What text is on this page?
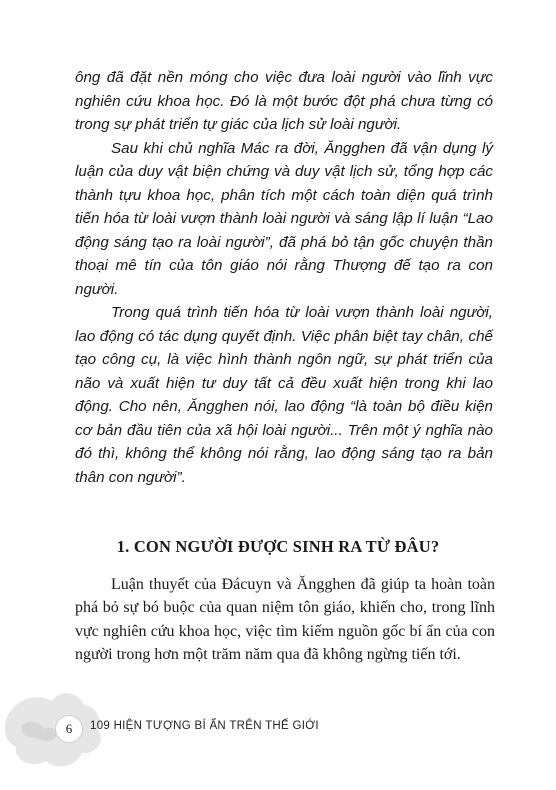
ông đã đặt nền móng cho việc đưa loài người vào lĩnh vực nghiên cứu khoa học. Đó là một bước đột phá chưa từng có trong sự phát triển tự giác của lịch sử loài người.

Sau khi chủ nghĩa Mác ra đời, Ăngghen đã vận dụng lý luận của duy vật biện chứng và duy vật lịch sử, tổng hợp các thành tựu khoa học, phân tích một cách toàn diện quá trình tiến hóa từ loài vượn thành loài người và sáng lập lí luận “Lao động sáng tạo ra loài người”, đã phá bỏ tận gốc chuyện thần thoại mê tín của tôn giáo nói rằng Thượng đế tạo ra con người.

Trong quá trình tiến hóa từ loài vượn thành loài người, lao động có tác dụng quyết định. Việc phân biệt tay chân, chế tạo công cụ, là việc hình thành ngôn ngữ, sự phát triển của não và xuất hiện tư duy tất cả đều xuất hiện trong khi lao động. Cho nên, Ăngghen nói, lao động “là toàn bộ điều kiện cơ bản đầu tiên của xã hội loài người... Trên một ý nghĩa nào đó thì, không thể không nói rằng, lao động sáng tạo ra bản thân con người”.

1. CON NGƯỜI ĐƯỢC SINH RA TỪ ĐÂU?

Luận thuyết của Đácuyn và Ăngghen đã giúp ta hoàn toàn phá bỏ sự bó buộc của quan niệm tôn giáo, khiến cho, trong lĩnh vực nghiên cứu khoa học, việc tìm kiếm nguồn gốc bí ẩn của con người trong hơn một trăm năm qua đã không ngừng tiến tới.

6	109 HIỆN TƯỢNG BÍ ẨN TRÊN THẾ GIỚI
